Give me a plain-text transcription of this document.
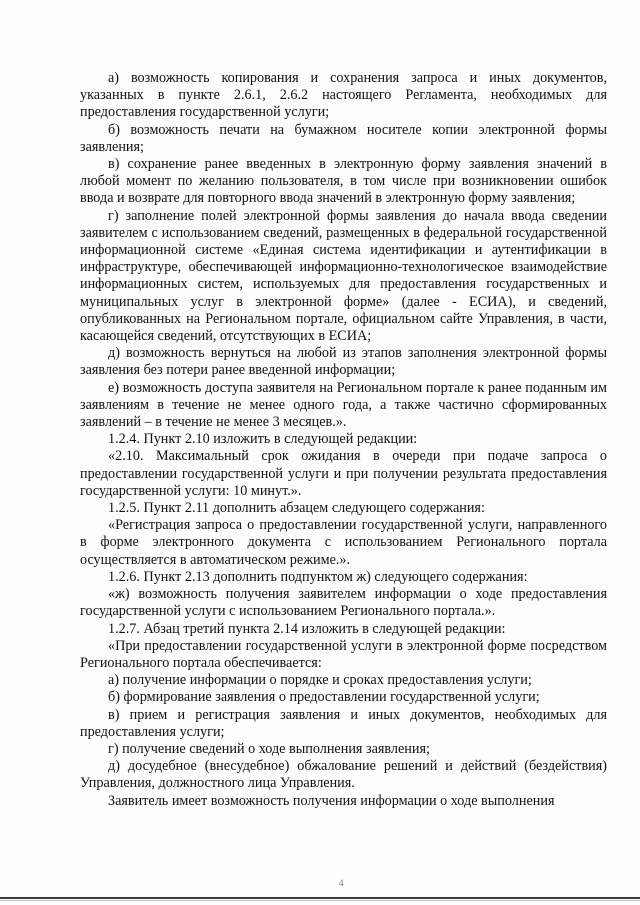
а) возможность копирования и сохранения запроса и иных документов, указанных в пункте 2.6.1, 2.6.2 настоящего Регламента, необходимых для предоставления государственной услуги;

б) возможность печати на бумажном носителе копии электронной формы заявления;

в) сохранение ранее введенных в электронную форму заявления значений в любой момент по желанию пользователя, в том числе при возникновении ошибок ввода и возврате для повторного ввода значений в электронную форму заявления;

г) заполнение полей электронной формы заявления до начала ввода сведении заявителем с использованием сведений, размещенных в федеральной государственной информационной системе «Единая система идентификации и аутентификации в инфраструктуре, обеспечивающей информационно-технологическое взаимодействие информационных систем, используемых для предоставления государственных и муниципальных услуг в электронной форме» (далее - ЕСИА), и сведений, опубликованных на Региональном портале, официальном сайте Управления, в части, касающейся сведений, отсутствующих в ЕСИА;

д) возможность вернуться на любой из этапов заполнения электронной формы заявления без потери ранее введенной информации;

е) возможность доступа заявителя на Региональном портале к ранее поданным им заявлениям в течение не менее одного года, а также частично сформированных заявлений – в течение не менее 3 месяцев.».

1.2.4. Пункт 2.10 изложить в следующей редакции:

«2.10. Максимальный срок ожидания в очереди при подаче запроса о предоставлении государственной услуги и при получении результата предоставления государственной услуги: 10 минут.».

1.2.5. Пункт 2.11 дополнить абзацем следующего содержания:

«Регистрация запроса о предоставлении государственной услуги, направленного в форме электронного документа с использованием Регионального портала осуществляется в автоматическом режиме.».

1.2.6. Пункт 2.13 дополнить подпунктом ж) следующего содержания:

«ж) возможность получения заявителем информации о ходе предоставления государственной услуги с использованием Регионального портала.».

1.2.7. Абзац третий пункта 2.14 изложить в следующей редакции:

«При предоставлении государственной услуги в электронной форме посредством Регионального портала обеспечивается:

а) получение информации о порядке и сроках предоставления услуги;

б) формирование заявления о предоставлении государственной услуги;

в) прием и регистрация заявления и иных документов, необходимых для предоставления услуги;

г) получение сведений о ходе выполнения заявления;

д) досудебное (внесудебное) обжалование решений и действий (бездействия) Управления, должностного лица Управления.

Заявитель имеет возможность получения информации о ходе выполнения

4
